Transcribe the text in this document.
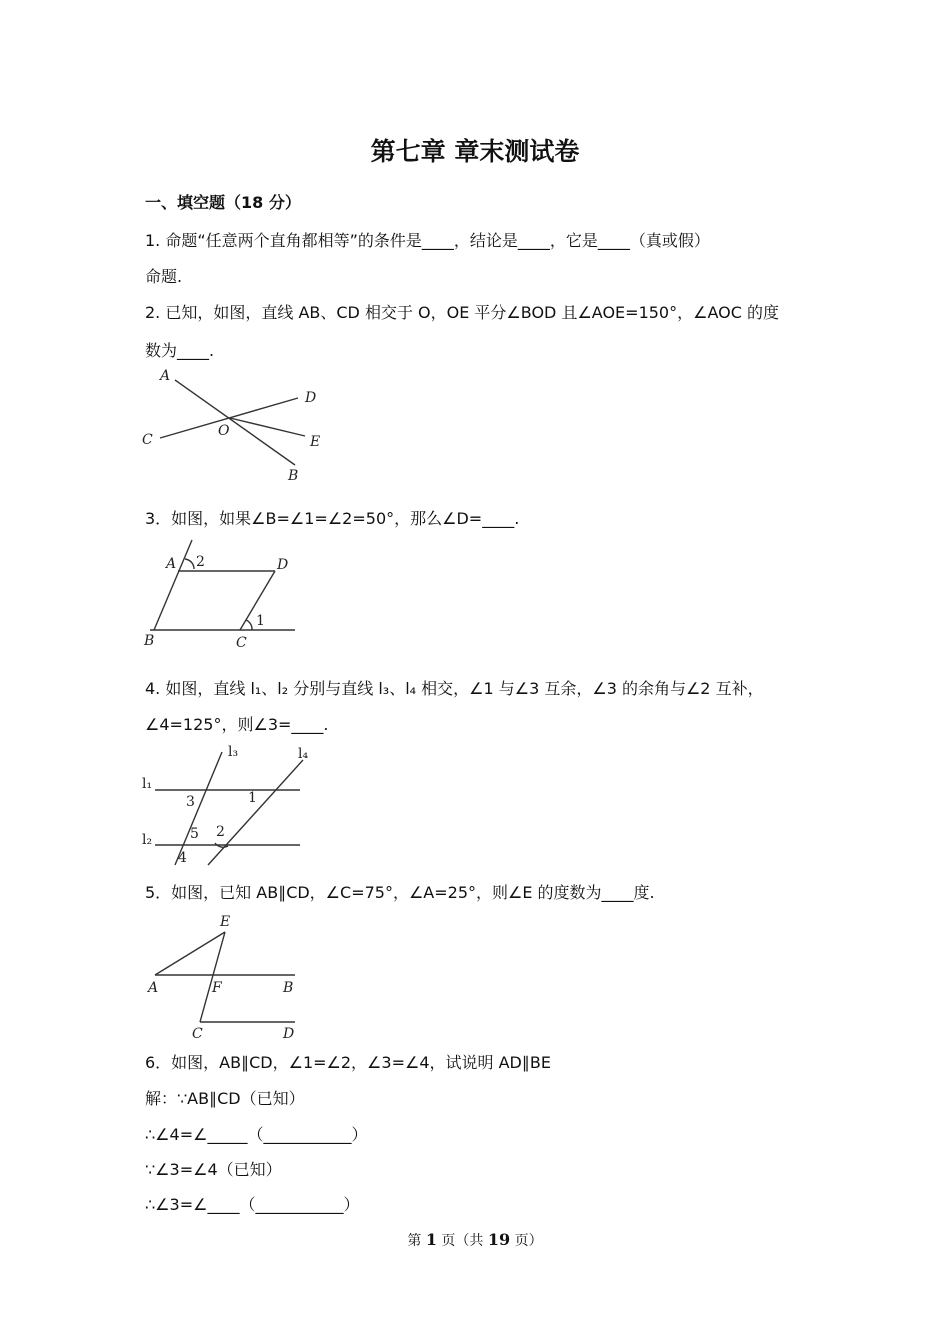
第七章 章末测试卷
一、填空题（18 分）
1. 命题“任意两个直角都相等”的条件是____，结论是____，它是____（真或假）
命题.
2. 已知，如图，直线 AB、CD 相交于 O，OE 平分∠BOD 且∠AOE=150°，∠AOC 的度
数为____.
A
D
C
O
E
B
3．如图，如果∠B=∠1=∠2=50°，那么∠D=____.
A 2	D
1
B	C
4. 如图，直线 l₁、l₂ 分别与直线 l₃、l₄ 相交，∠1 与∠3 互余，∠3 的余角与∠2 互补，
∠4=125°，则∠3=____.
l₃	l₄
l₁
l₂
3	1
5 2
4
5．如图，已知 AB∥CD，∠C=75°，∠A=25°，则∠E 的度数为____度.
E
A	F	B
C	D
6．如图，AB∥CD，∠1=∠2，∠3=∠4，试说明 AD∥BE
解：∵AB∥CD（已知）
∴∠4=∠_____（___________）
∵∠3=∠4（已知）
∴∠3=∠____（___________）
第 1 页（共 19 页）
